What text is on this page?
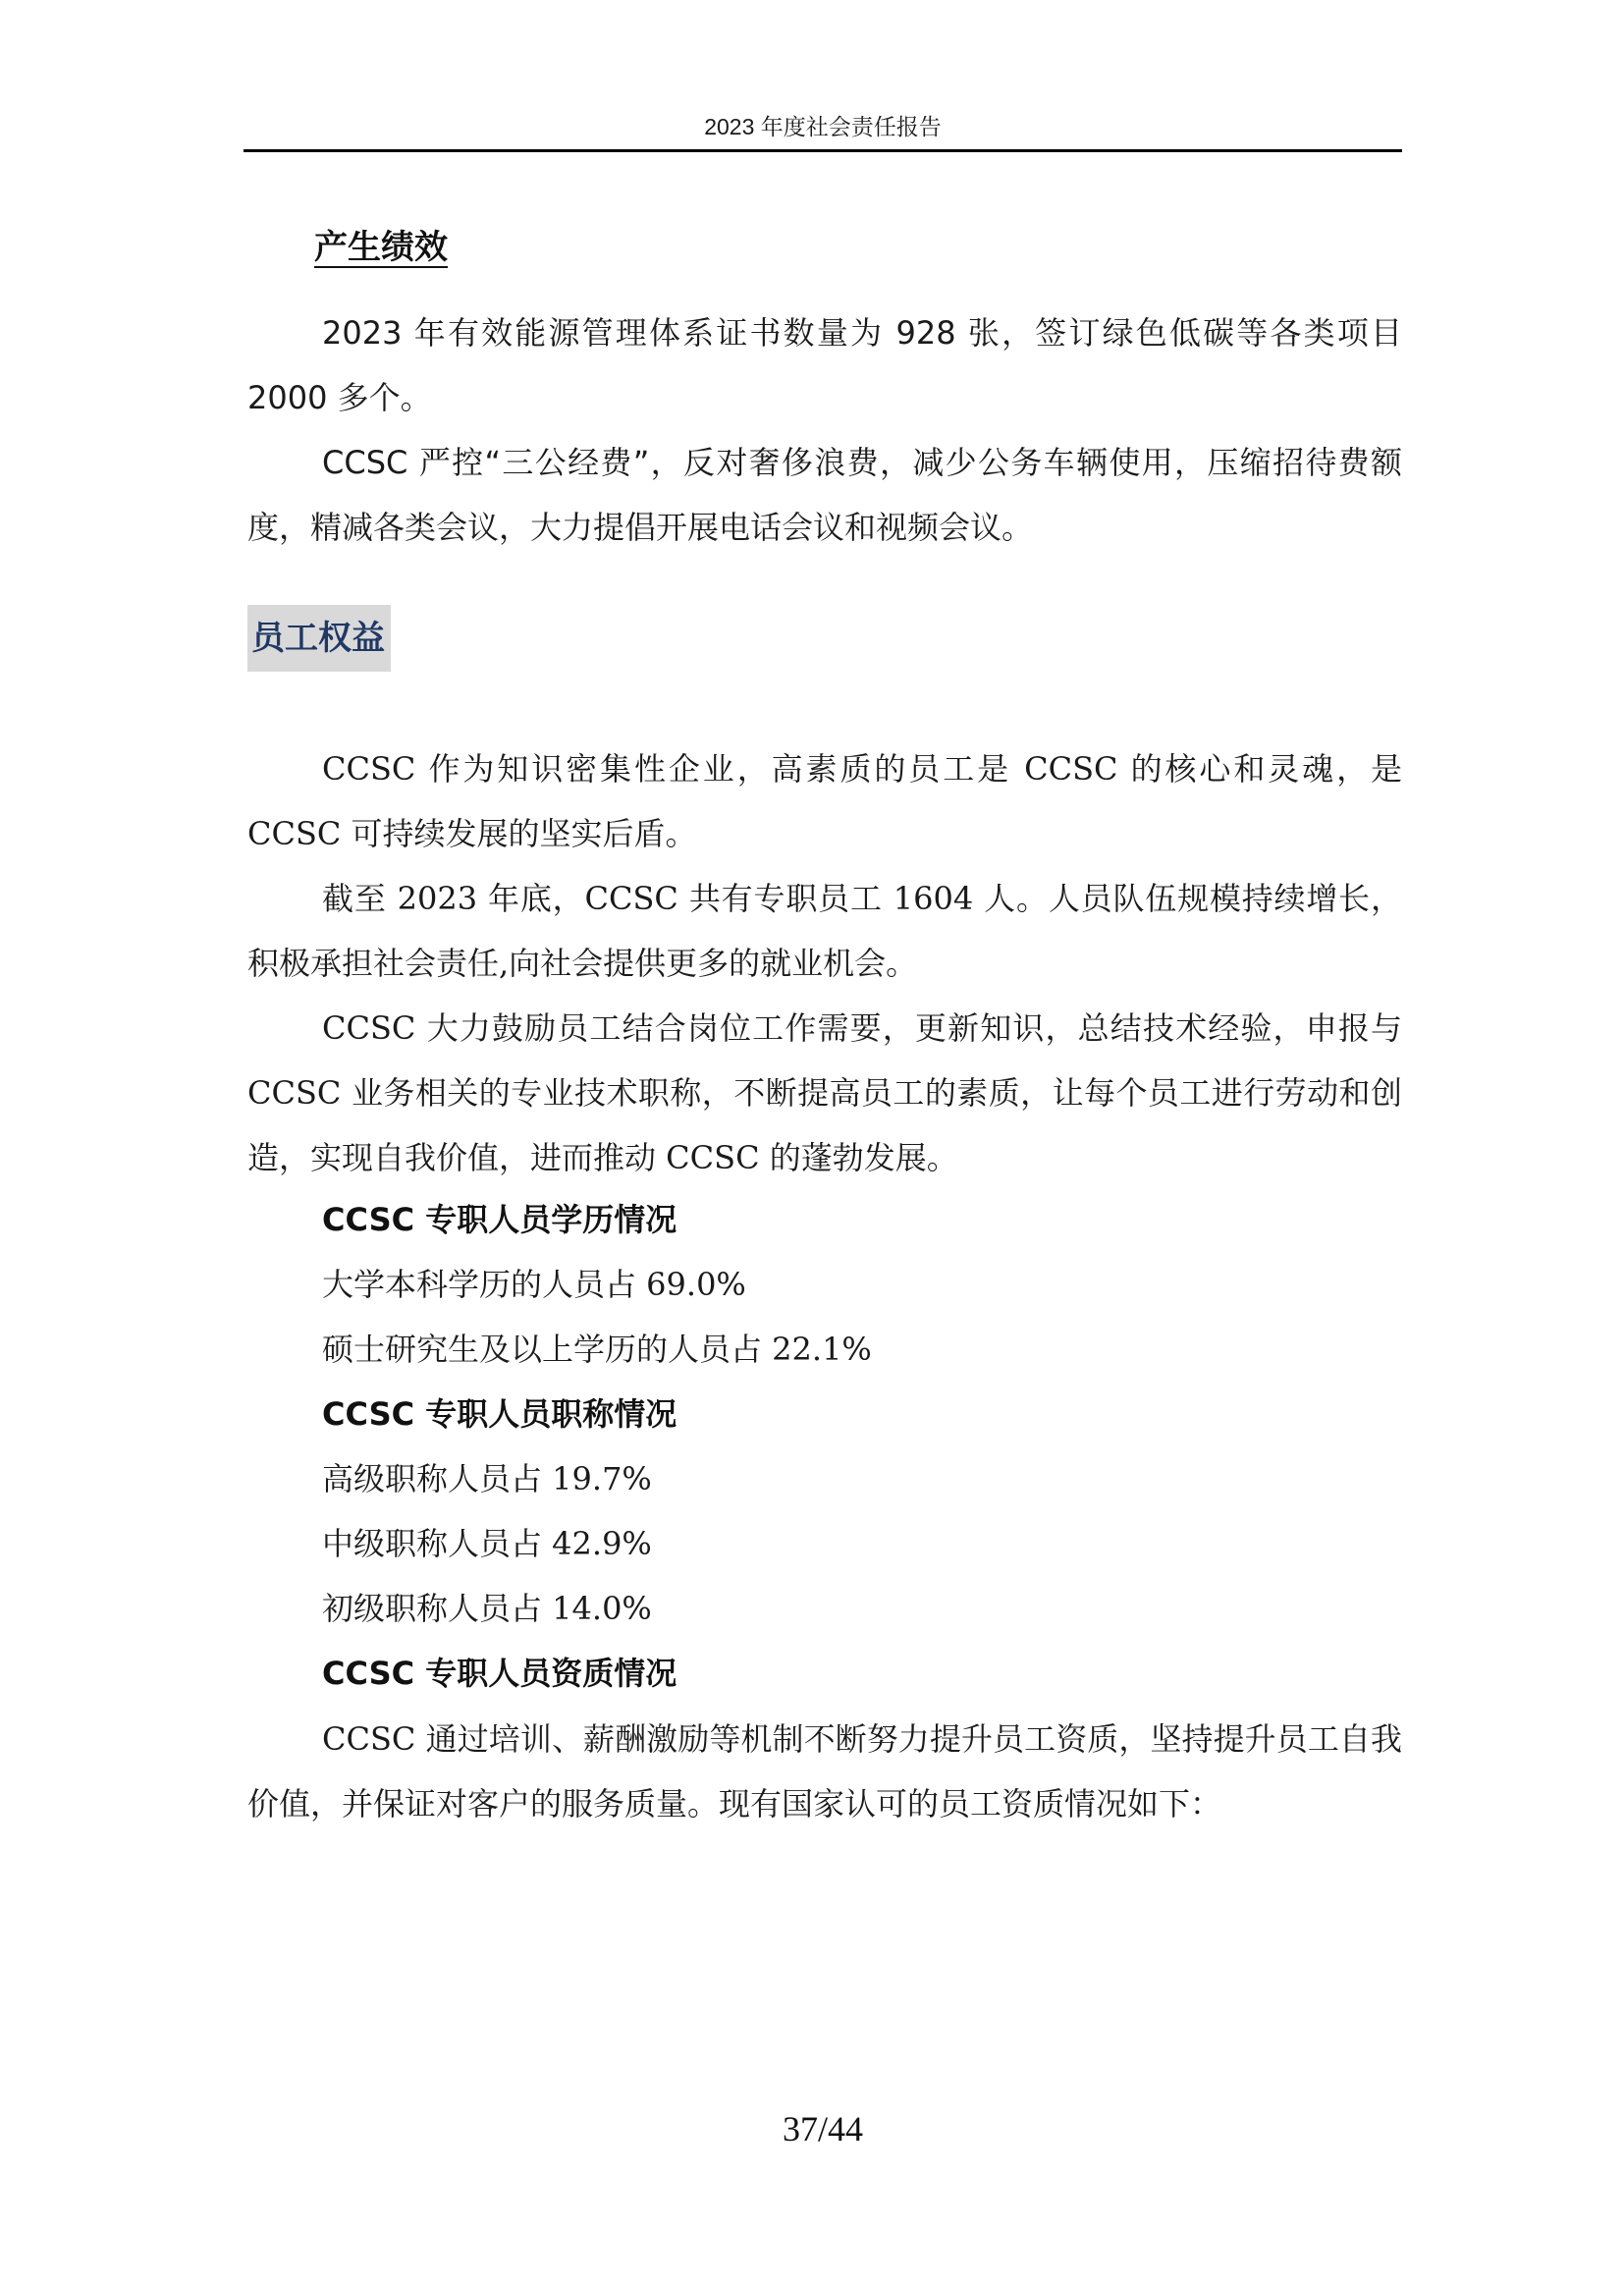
2023 年度社会责任报告
产生绩效

2023 年有效能源管理体系证书数量为 928 张，签订绿色低碳等各类项目 2000 多个。

CCSC 严控“三公经费”，反对奢侈浪费，减少公务车辆使用，压缩招待费额度，精减各类会议，大力提倡开展电话会议和视频会议。

员工权益

CCSC 作为知识密集性企业，高素质的员工是 CCSC 的核心和灵魂，是 CCSC 可持续发展的坚实后盾。

截至 2023 年底，CCSC 共有专职员工 1604 人。人员队伍规模持续增长，积极承担社会责任,向社会提供更多的就业机会。

CCSC 大力鼓励员工结合岗位工作需要，更新知识，总结技术经验，申报与 CCSC 业务相关的专业技术职称，不断提高员工的素质，让每个员工进行劳动和创造，实现自我价值，进而推动 CCSC 的蓬勃发展。

CCSC 专职人员学历情况
大学本科学历的人员占 69.0%
硕士研究生及以上学历的人员占 22.1%
CCSC 专职人员职称情况
高级职称人员占 19.7%
中级职称人员占 42.9%
初级职称人员占 14.0%
CCSC 专职人员资质情况

CCSC 通过培训、薪酬激励等机制不断努力提升员工资质，坚持提升员工自我价值，并保证对客户的服务质量。现有国家认可的员工资质情况如下：

37/44
